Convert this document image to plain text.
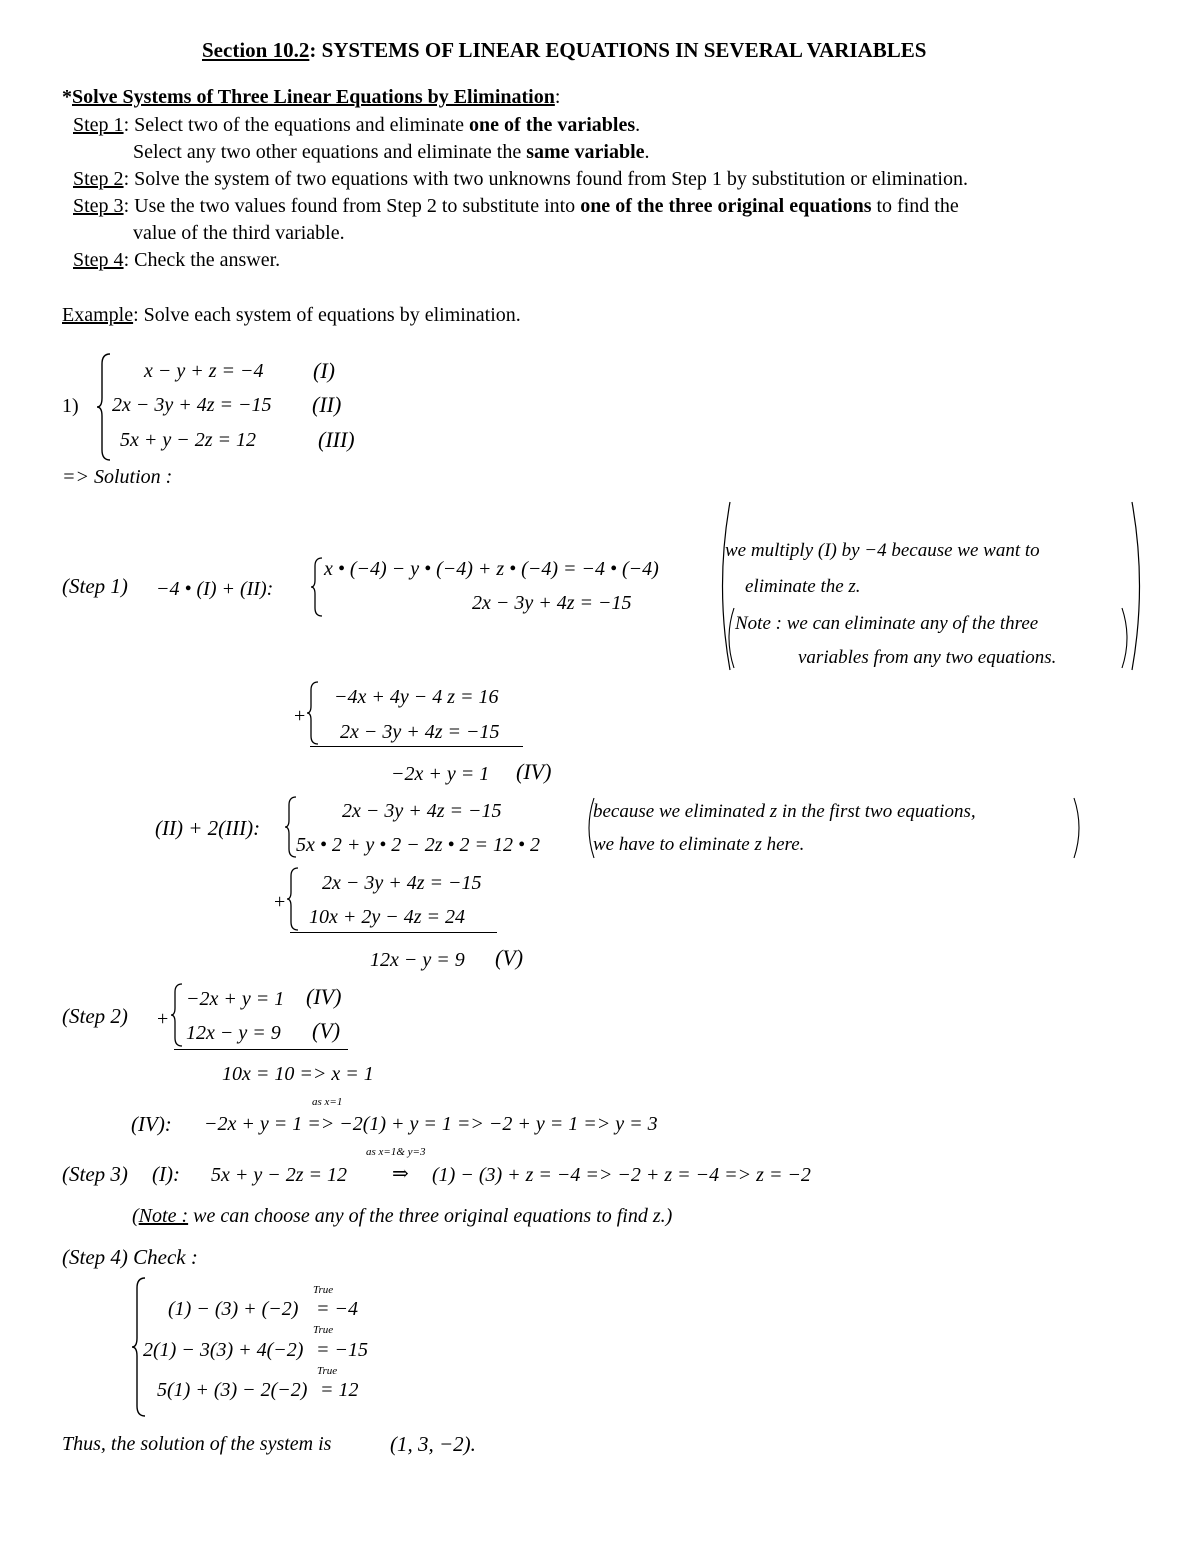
Section 10.2: SYSTEMS OF LINEAR EQUATIONS IN SEVERAL VARIABLES
*Solve Systems of Three Linear Equations by Elimination:
Step 1: Select two of the equations and eliminate one of the variables.
Select any two other equations and eliminate the same variable.
Step 2: Solve the system of two equations with two unknowns found from Step 1 by substitution or elimination.
Step 3: Use the two values found from Step 2 to substitute into one of the three original equations to find the
value of the third variable.
Step 4: Check the answer.
Example: Solve each system of equations by elimination.
1)
x − y + z = −4 (I)
2x − 3y + 4z = −15 (II)
5x + y − 2z = 12	(III)
=> Solution :
(Step 1) −4 • (I) + (II):
x • (−4) − y • (−4) + z • (−4) = −4 • (−4)
2x − 3y + 4z = −15
we multiply (I) by −4 because we want to
eliminate the z.
Note : we can eliminate any of the three
variables from any two equations.
+
−4x + 4y − 4 z = 16
2x − 3y + 4z = −15
−2x + y = 1 (IV)
(II) + 2(III):
2x − 3y + 4z = −15
5x • 2 + y • 2 − 2z • 2 = 12 • 2
because we eliminated z in the first two equations,
we have to eliminate z here.
+
2x − 3y + 4z = −15
10x + 2y − 4z = 24
12x − y = 9 (V)
(Step 2) +
−2x + y = 1 (IV)
12x − y = 9 (V)
10x = 10 => x = 1
as x=1
(IV): −2x + y = 1 => −2(1) + y = 1 => −2 + y = 1 => y = 3
(Step 3) (I): 5x + y − 2z = 12
as x=1& y=3
⇒ (1) − (3) + z = −4 => −2 + z = −4 => z = −2
(Note : we can choose any of the three original equations to find z.)
(Step 4) Check :
True
(1) − (3) + (−2) = −4
True
2(1) − 3(3) + 4(−2) = −15
True
5(1) + (3) − 2(−2) = 12
Thus, the solution of the system is	(1, 3, −2).
